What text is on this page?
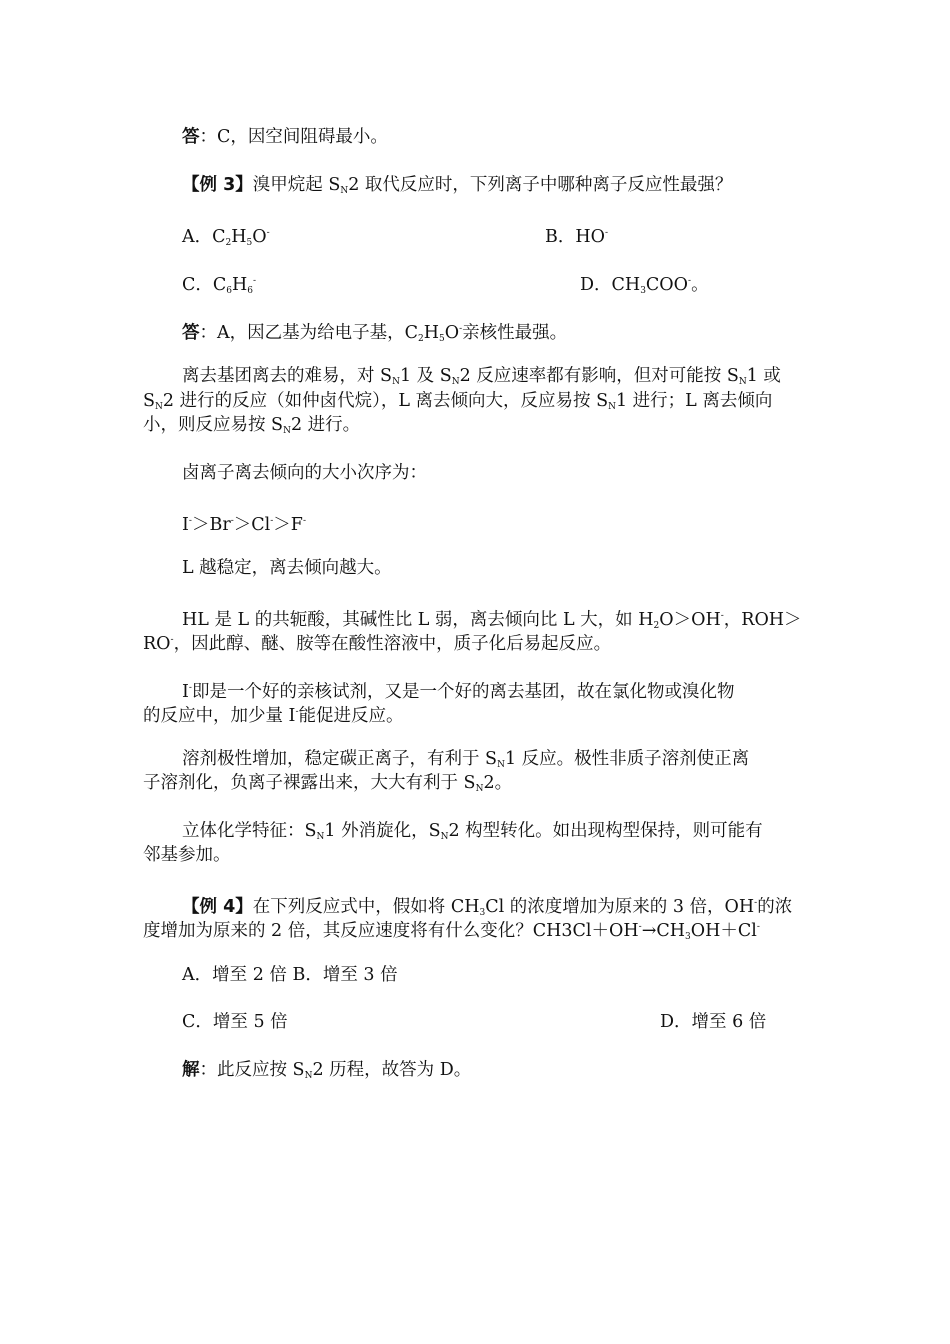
答：C，因空间阻碍最小。
【例 3】溴甲烷起 $S_N2$ 取代反应时，下列离子中哪种离子反应性最强？
A．$C_2H_5O^-$	B．HO-
C．$C_6H_6^-$	D．$CH_3COO^-$。
答：A，因乙基为给电子基，$C_2H_5O^-$亲核性最强。
离去基团离去的难易，对 $S_N1$ 及 $S_N2$ 反应速率都有影响，但对可能按 $S_N1$ 或
$S_N2$ 进行的反应（如仲卤代烷），L 离去倾向大，反应易按 $S_N1$ 进行；L 离去倾向
小，则反应易按 $S_N2$ 进行。
卤离子离去倾向的大小次序为：
I-＞Br-＞Cl-＞F-
L 越稳定，离去倾向越大。
HL 是 L 的共轭酸，其碱性比 L 弱，离去倾向比 L 大，如 $H_2O>OH^-$，ROH＞
RO-，因此醇、醚、胺等在酸性溶液中，质子化后易起反应。
I-即是一个好的亲核试剂，又是一个好的离去基团，故在氯化物或溴化物
的反应中，加少量 I-能促进反应。
溶剂极性增加，稳定碳正离子，有利于 $S_N1$ 反应。极性非质子溶剂使正离
子溶剂化，负离子裸露出来，大大有利于 $S_N2$。
立体化学特征：$S_N1$ 外消旋化，$S_N2$ 构型转化。如出现构型保持，则可能有
邻基参加。
【例 4】在下列反应式中，假如将 $CH_3Cl$ 的浓度增加为原来的 3 倍，OH-的浓
度增加为原来的 2 倍，其反应速度将有什么变化？$CH3Cl+OH^-\to CH_3OH+Cl^-$
A．增至 2 倍 B．增至 3 倍
C．增至 5 倍	D．增至 6 倍
解：此反应按 $S_N2$ 历程，故答为 D。
